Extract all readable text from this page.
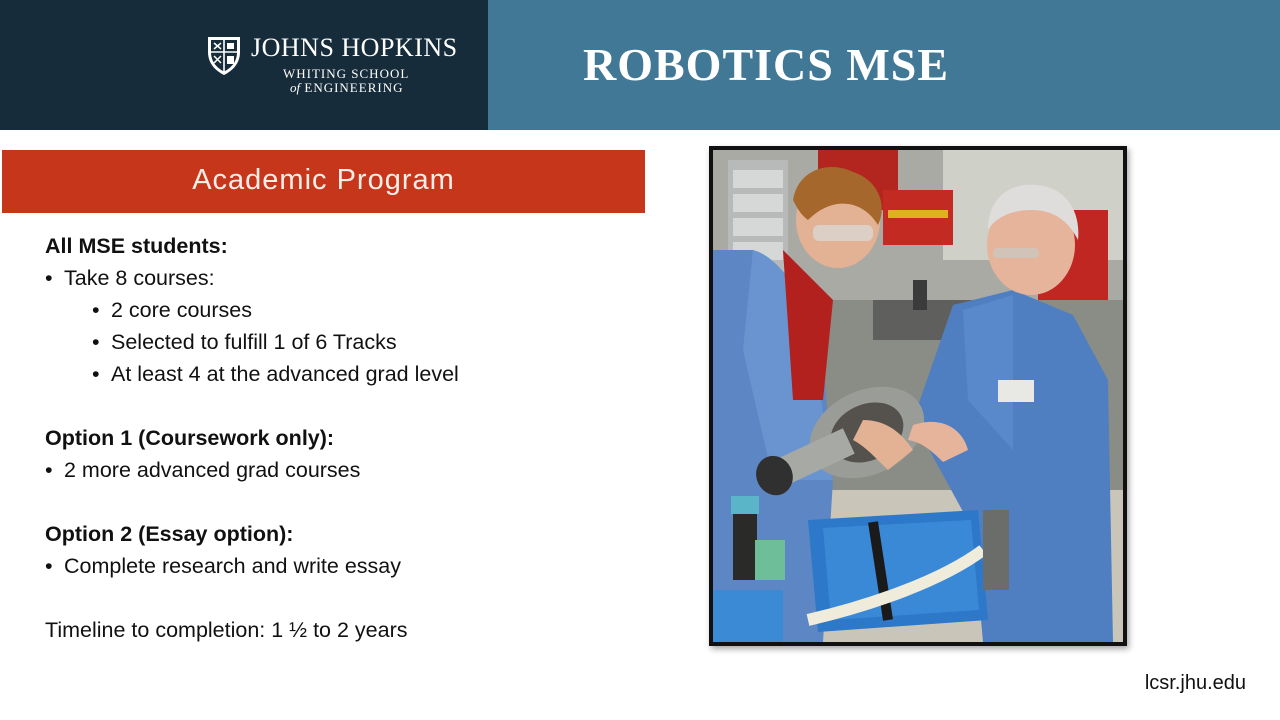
JOHNS HOPKINS
WHITING SCHOOL
of ENGINEERING	ROBOTICS MSE
Academic Program
All MSE students:
• Take 8 courses:
• 2 core courses
• Selected to fulfill 1 of 6 Tracks
• At least 4 at the advanced grad level
Option 1 (Coursework only):
• 2 more advanced grad courses
Option 2 (Essay option):
• Complete research and write essay
Timeline to completion: 1 ½ to 2 years
lcsr.jhu.edu
